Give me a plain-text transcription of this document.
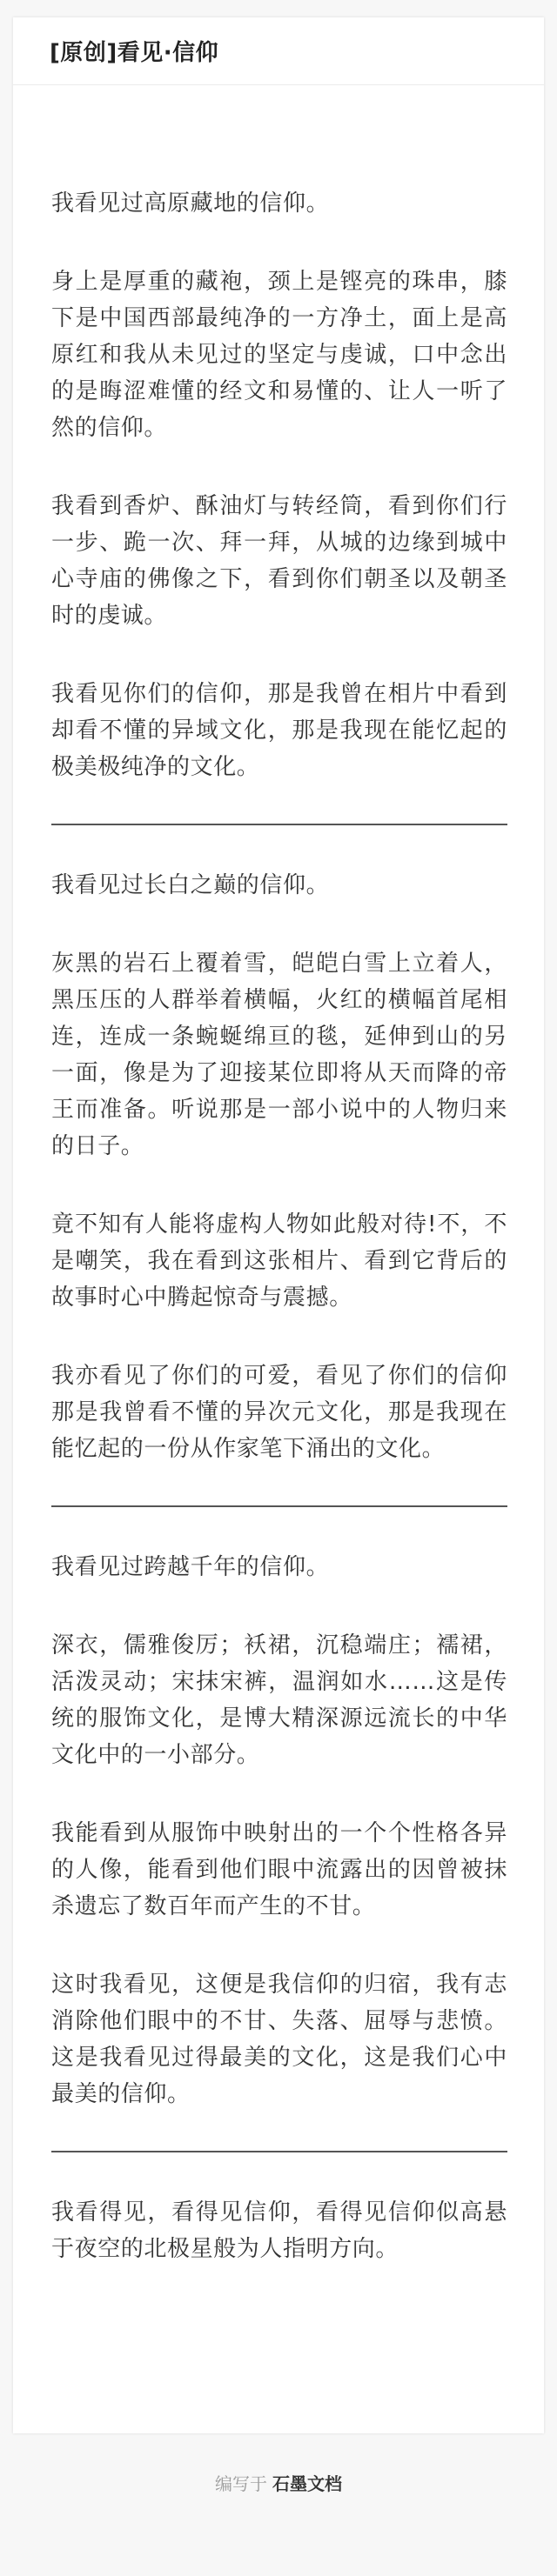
[原创]看见·信仰

我看见过高原藏地的信仰。

身上是厚重的藏袍，颈上是铿亮的珠串，膝下是中国西部最纯净的一方净土，面上是高原红和我从未见过的坚定与虔诚，口中念出的是晦涩难懂的经文和易懂的、让人一听了然的信仰。

我看到香炉、酥油灯与转经筒，看到你们行一步、跪一次、拜一拜，从城的边缘到城中心寺庙的佛像之下，看到你们朝圣以及朝圣时的虔诚。

我看见你们的信仰，那是我曾在相片中看到却看不懂的异域文化，那是我现在能忆起的极美极纯净的文化。

我看见过长白之巅的信仰。

灰黑的岩石上覆着雪，皑皑白雪上立着人，黑压压的人群举着横幅，火红的横幅首尾相连，连成一条蜿蜒绵亘的毯，延伸到山的另一面，像是为了迎接某位即将从天而降的帝王而准备。听说那是一部小说中的人物归来的日子。

竟不知有人能将虚构人物如此般对待!不，不是嘲笑，我在看到这张相片、看到它背后的故事时心中腾起惊奇与震撼。

我亦看见了你们的可爱，看见了你们的信仰那是我曾看不懂的异次元文化，那是我现在能忆起的一份从作家笔下涌出的文化。

我看见过跨越千年的信仰。

深衣，儒雅俊厉；袄裙，沉稳端庄；襦裙，活泼灵动；宋抹宋裤，温润如水……这是传统的服饰文化，是博大精深源远流长的中华文化中的一小部分。

我能看到从服饰中映射出的一个个性格各异的人像，能看到他们眼中流露出的因曾被抹杀遗忘了数百年而产生的不甘。

这时我看见，这便是我信仰的归宿，我有志消除他们眼中的不甘、失落、屈辱与悲愤。这是我看见过得最美的文化，这是我们心中最美的信仰。

我看得见，看得见信仰，看得见信仰似高悬于夜空的北极星般为人指明方向。

编写于 石墨文档
